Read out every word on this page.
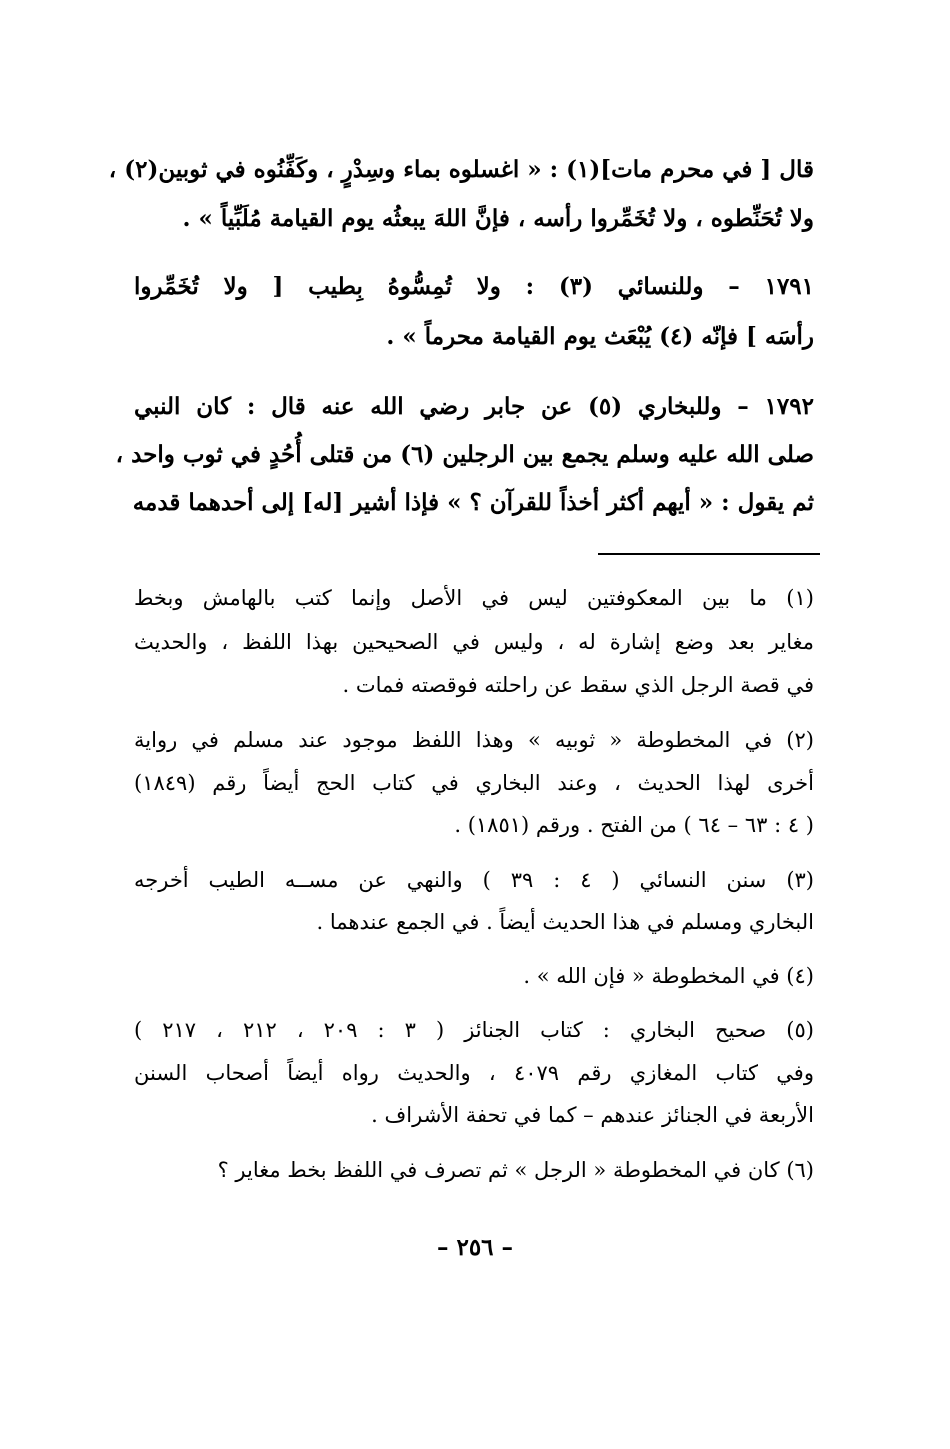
قال [ في محرم مات](١) : « اغسلوه بماء وسِدْرٍ ، وكَفِّنُوه في ثوبين(٢) ،
ولا تُحَنِّطوه ، ولا تُخَمِّروا رأسه ، فإنَّ اللهَ يبعثُه يوم القيامة مُلَبِّياً » .
١٧٩١ – وللنسائي (٣) : ولا تُمِسُّوهُ بِطيب [ ولا تُخَمِّروا
رأسَه ] فإنّه (٤) يُبْعَث يوم القيامة محرماً » .
١٧٩٢ – وللبخاري (٥) عن جابر رضي الله عنه قال : كان النبي
صلى الله عليه وسلم يجمع بين الرجلين (٦) من قتلى أُحُدٍ في ثوب واحد ،
ثم يقول : « أيهم أكثر أخذاً للقرآن ؟ » فإذا أشير [له] إلى أحدهما قدمه
(١) ما بين المعكوفتين ليس في الأصل وإنما كتب بالهامش وبخط
مغاير بعد وضع إشارة له ، وليس في الصحيحين بهذا اللفظ ، والحديث
في قصة الرجل الذي سقط عن راحلته فوقصته فمات .
(٢) في المخطوطة « ثوبيه » وهذا اللفظ موجود عند مسلم في رواية
أخرى لهذا الحديث ، وعند البخاري في كتاب الحج أيضاً رقم (١٨٤٩)
( ٤ : ٦٣ – ٦٤ ) من الفتح . ورقم (١٨٥١) .
(٣) سنن النسائي ( ٤ : ٣٩ ) والنهي عن مســه الطيب أخرجه
البخاري ومسلم في هذا الحديث أيضاً . في الجمع عندهما .
(٤) في المخطوطة « فإن الله » .
(٥) صحيح البخاري : كتاب الجنائز ( ٣ : ٢٠٩ ، ٢١٢ ، ٢١٧ )
وفي كتاب المغازي رقم ٤٠٧٩ ، والحديث رواه أيضاً أصحاب السنن
الأربعة في الجنائز عندهم – كما في تحفة الأشراف .
(٦) كان في المخطوطة « الرجل » ثم تصرف في اللفظ بخط مغاير ؟
– ٢٥٦ –
